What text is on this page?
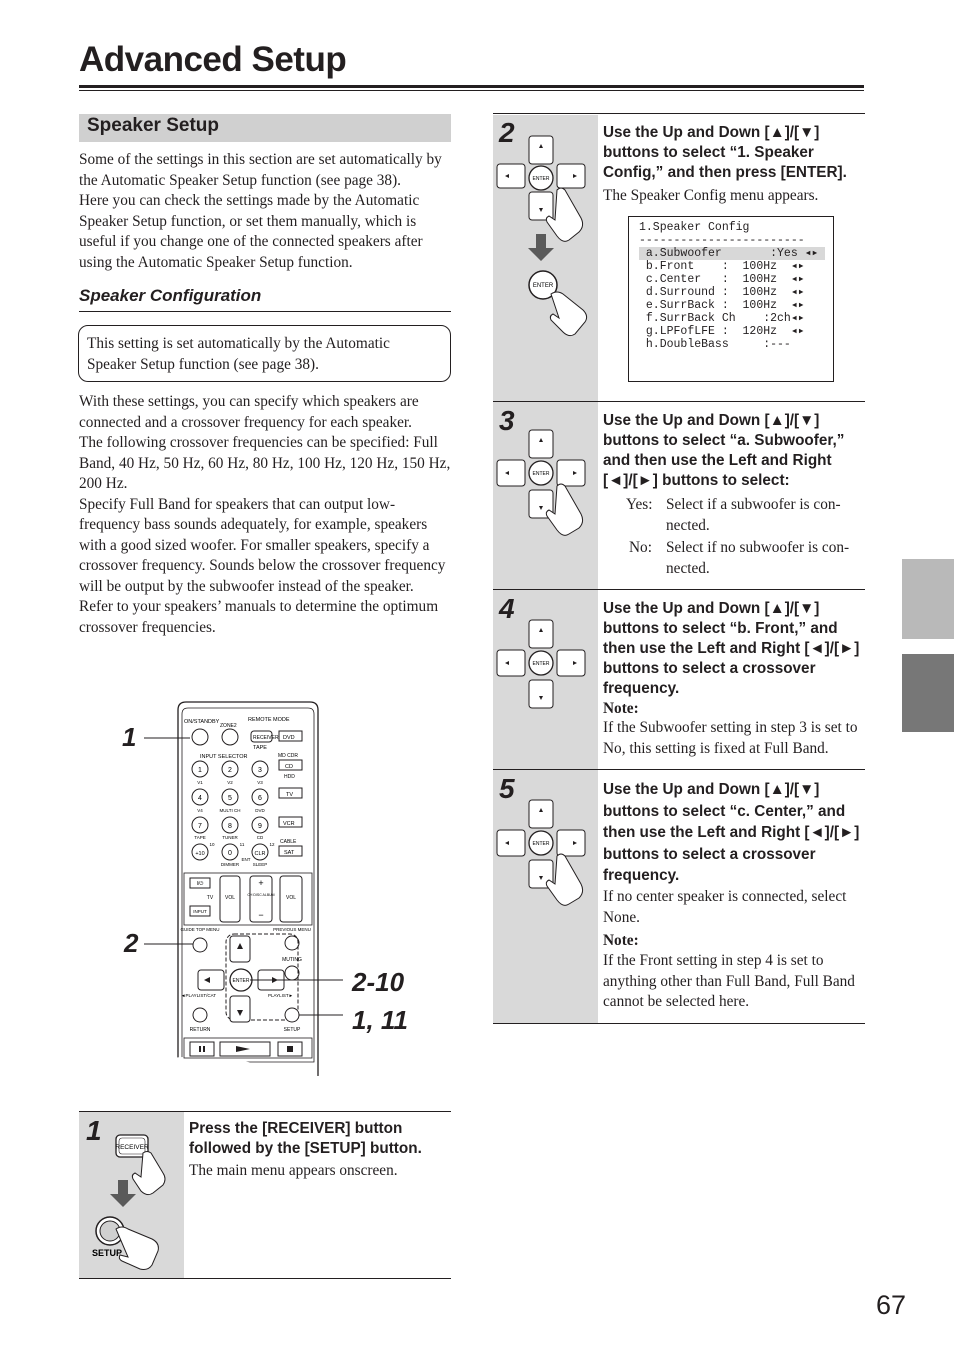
Advanced Setup
Speaker Setup

Some of the settings in this section are set automatically by the Automatic Speaker Setup function (see page 38).

Here you can check the settings made by the Automatic Speaker Setup function, or set them manually, which is useful if you change one of the connected speakers after using the Automatic Speaker Setup function.

Speaker Configuration
This setting is set automatically by the Automatic Speaker Setup function (see page 38).

With these settings, you can specify which speakers are connected and a crossover frequency for each speaker.

The following crossover frequencies can be specified: Full Band, 40 Hz, 50 Hz, 60 Hz, 80 Hz, 100 Hz, 120 Hz, 150 Hz, 200 Hz.

Specify Full Band for speakers that can output low-frequency bass sounds adequately, for example, speakers with a good sized woofer. For smaller speakers, specify a crossover frequency. Sounds below the crossover frequency will be output by the subwoofer instead of the speaker. Refer to your speakers’ manuals to determine the optimum crossover frequencies.

ON/STANDBY
ZONE2
REMOTE MODE
RECEIVER
TAPE
DVD
MD CDR
CD
HDD
TV
VCR
CABLE
SAT
INPUT SELECTOR
1	2	3
4	5	6
7	8	9
+10	0	CLR
V1	V2	V3
V4	MULTI CH	DVD
TAPE	TUNER	CD
DIMMER	SLEEP
10	11	12
ENT
I/⏻
TV
INPUT
VOL
+
CH DISC ALBUM
−
VOL
GUIDE TOP MENU	PREVIOUS MENU
MUTING
ENTER
◄PLAYLIST/CAT	PLAYLIST►
RETURN	SETUP
1
2
2-10
1, 11
1
RECEIVER
SETUP
Press the [RECEIVER] button followed by the [SETUP] button.
The main menu appears onscreen.
2
ENTER
ENTER
Use the Up and Down [▲]/[▼] buttons to select “1. Speaker Config,” and then press [ENTER].
The Speaker Config menu appears.
1.Speaker Config
------------------------
a.Subwoofer       :Yes ◂▸
b.Front    :  100Hz  ◂▸
c.Center   :  100Hz  ◂▸
d.Surround :  100Hz  ◂▸
e.SurrBack :  100Hz  ◂▸
f.SurrBack Ch    :2ch◂▸
g.LPFofLFE :  120Hz  ◂▸
h.DoubleBass     :---
3
ENTER
Use the Up and Down [▲]/[▼] buttons to select “a. Subwoofer,” and then use the Left and Right [◄]/[►] buttons to select:
Yes: Select if a subwoofer is con-
nected.
No: Select if no subwoofer is con-
nected.
4
ENTER
Use the Up and Down [▲]/[▼] buttons to select “b. Front,” and then use the Left and Right [◄]/[►] buttons to select a crossover frequency.
Note:
If the Subwoofer setting in step 3 is set to No, this setting is fixed at Full Band.
5
ENTER
Use the Up and Down [▲]/[▼] buttons to select “c. Center,” and then use the Left and Right [◄]/[►] buttons to select a crossover frequency.
If no center speaker is connected, select None.
Note:
If the Front setting in step 4 is set to anything other than Full Band, Full Band cannot be selected here.
67
